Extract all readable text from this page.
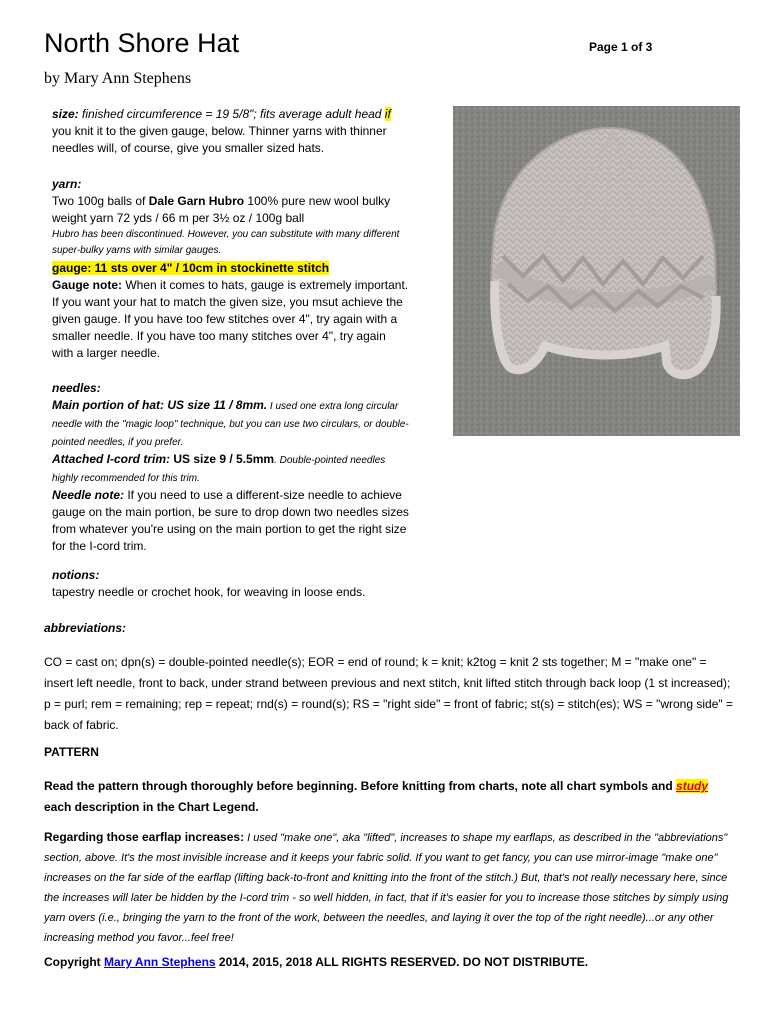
North Shore Hat	Page 1 of 3
by Mary Ann Stephens

size: finished circumference = 19 5/8"; fits average adult head if you knit it to the given gauge, below. Thinner yarns with thinner needles will, of course, give you smaller sized hats.

yarn:

Two 100g balls of Dale Garn Hubro 100% pure new wool bulky weight yarn 72 yds / 66 m per 3½ oz / 100g ball

Hubro has been discontinued. However, you can substitute with many different super-bulky yarns with similar gauges.

gauge: 11 sts over 4" / 10cm in stockinette stitch

Gauge note: When it comes to hats, gauge is extremely important. If you want your hat to match the given size, you msut achieve the given gauge. If you have too few stitches over 4", try again with a smaller needle. If you have too many stitches over 4", try again with a larger needle.

needles:

Main portion of hat: US size 11 / 8mm. I used one extra long circular needle with the "magic loop" technique, but you can use two circulars, or double-pointed needles, if you prefer.

Attached I-cord trim: US size 9 / 5.5mm. Double-pointed needles highly recommended for this trim.

Needle note: If you need to use a different-size needle to achieve gauge on the main portion, be sure to drop down two needles sizes from whatever you're using on the main portion to get the right size for the I-cord trim.

notions:

tapestry needle or crochet hook, for weaving in loose ends.

abbreviations:

CO = cast on; dpn(s) = double-pointed needle(s); EOR = end of round; k = knit; k2tog = knit 2 sts together; M = "make one" = insert left needle, front to back, under strand between previous and next stitch, knit lifted stitch through back loop (1 st increased); p = purl; rem = remaining; rep = repeat; rnd(s) = round(s); RS = "right side" = front of fabric; st(s) = stitch(es); WS = "wrong side" = back of fabric.

PATTERN

Read the pattern through thoroughly before beginning. Before knitting from charts, note all chart symbols and study each description in the Chart Legend.

Regarding those earflap increases: I used "make one", aka "lifted", increases to shape my earflaps, as described in the "abbreviations" section, above. It's the most invisible increase and it keeps your fabric solid. If you want to get fancy, you can use mirror-image "make one" increases on the far side of the earflap (lifting back-to-front and knitting into the front of the stitch.) But, that's not really necessary here, since the increases will later be hidden by the I-cord trim - so well hidden, in fact, that if it's easier for you to increase those stitches by simply using yarn overs (i.e., bringing the yarn to the front of the work, between the needles, and laying it over the top of the right needle)...or any other increasing method you favor...feel free!

Copyright Mary Ann Stephens 2014, 2015, 2018 ALL RIGHTS RESERVED. DO NOT DISTRIBUTE.
